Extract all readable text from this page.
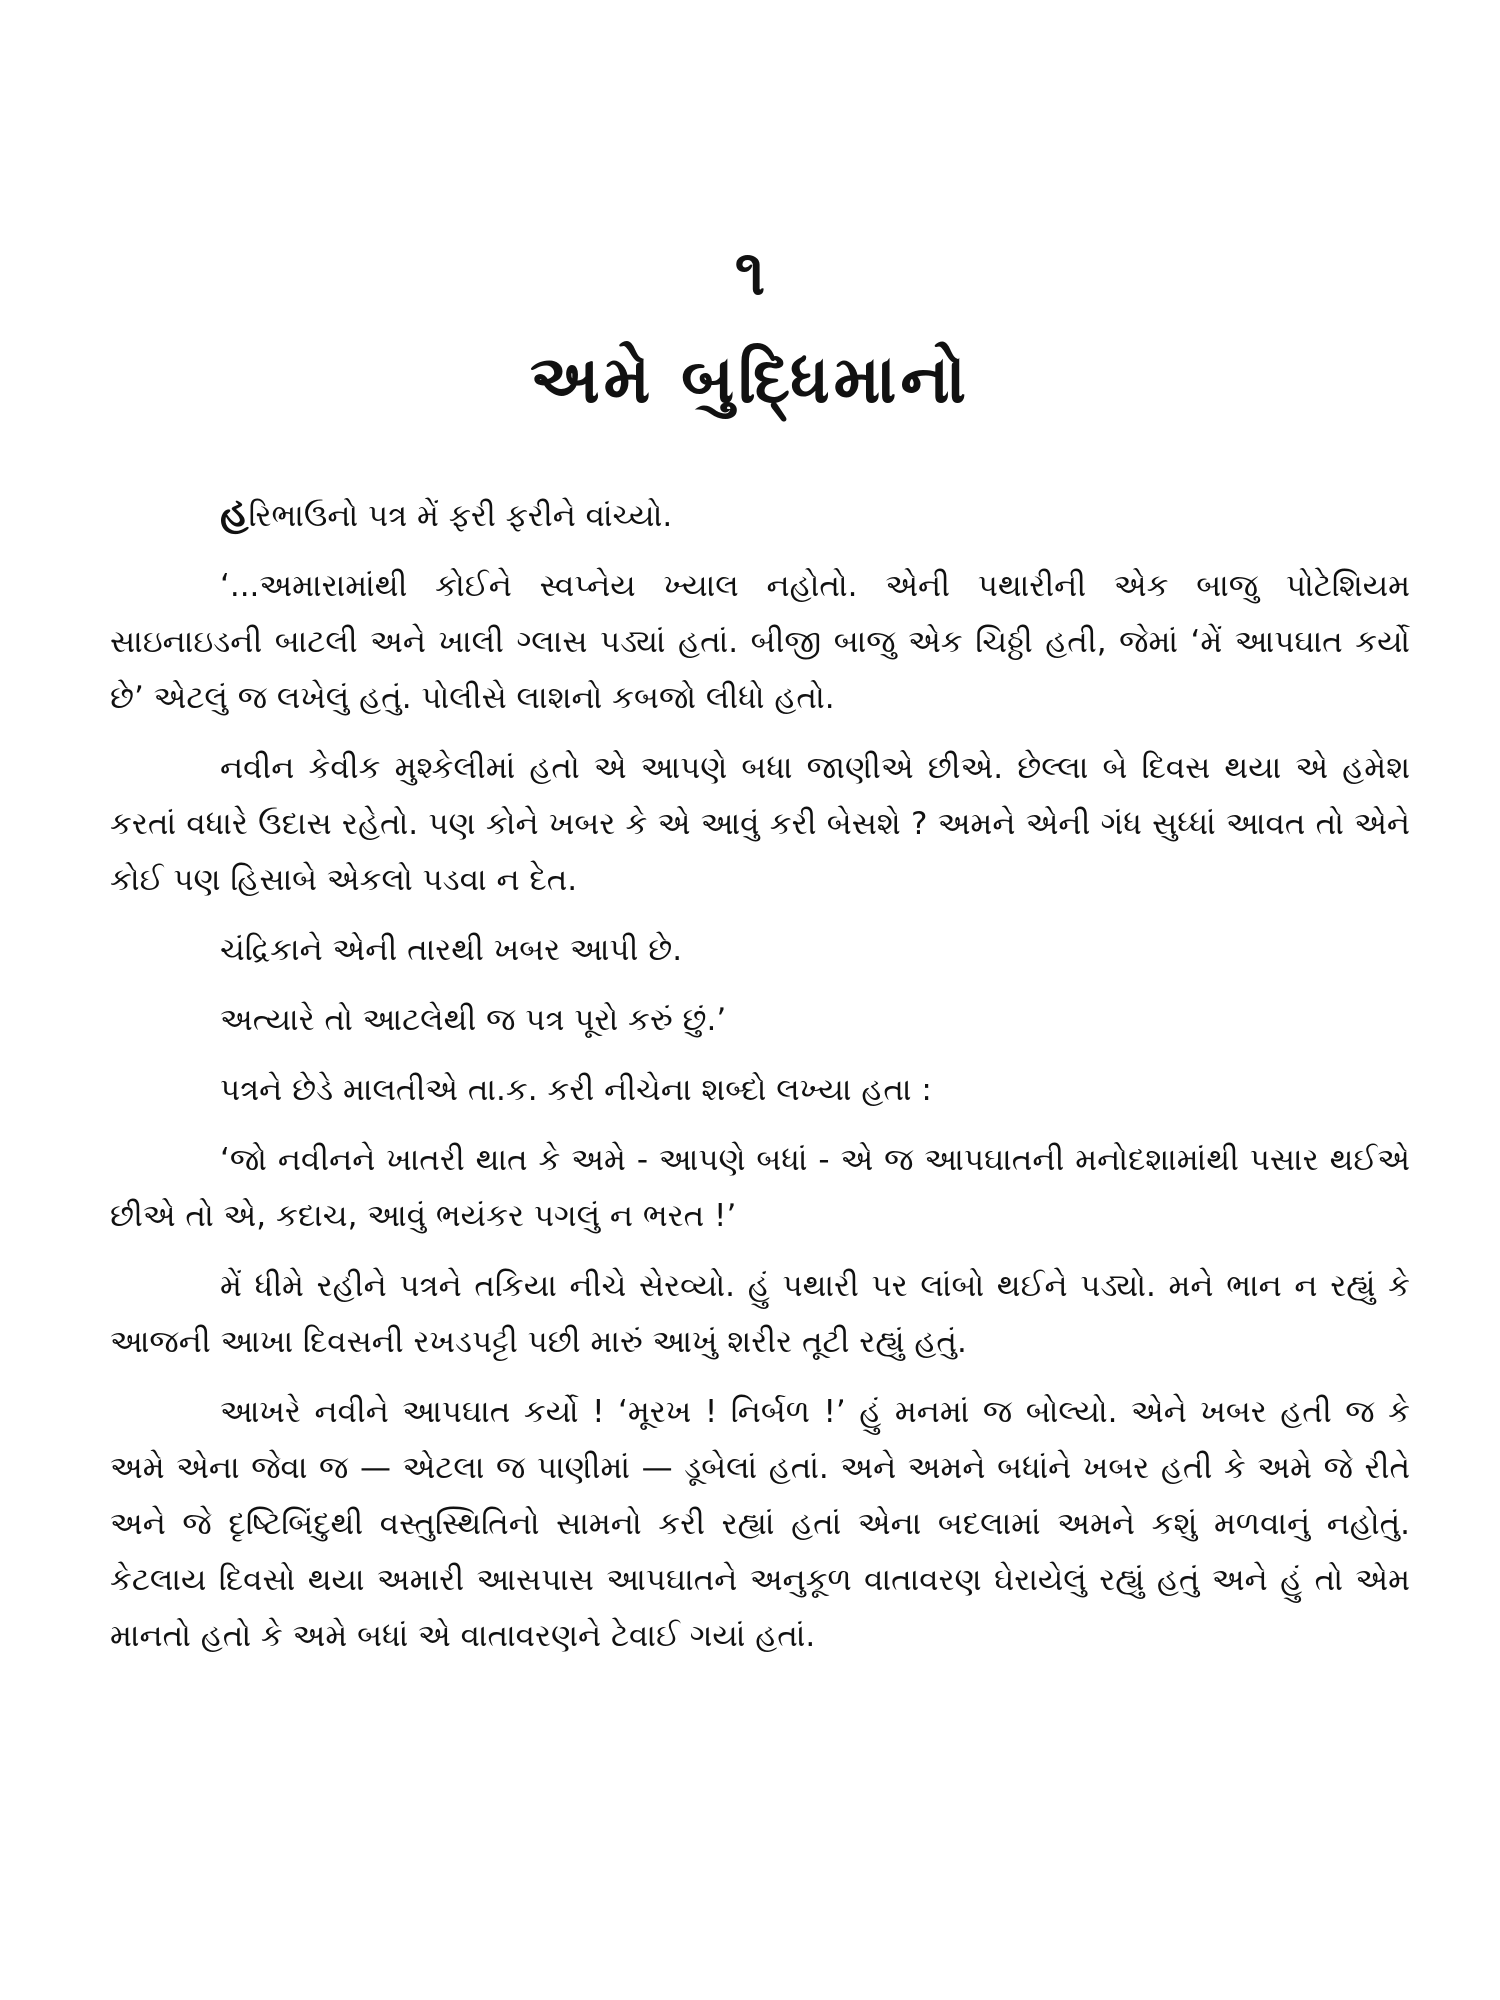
૧
અમે બુદ્ધિમાનો

હરિભાઉનો પત્ર મેં ફરી ફરીને વાંચ્યો.

‘...અમારામાંથી કોઈને સ્વપ્નેય ખ્યાલ નહોતો. એની પથારીની એક બાજુ પોટેશિયમ સાઇનાઇડની બાટલી અને ખાલી ગ્લાસ પડ્યાં હતાં. બીજી બાજુ એક ચિઠ્ઠી હતી, જેમાં ‘મેં આપઘાત કર્યો છે’ એટલું જ લખેલું હતું. પોલીસે લાશનો કબજો લીધો હતો.

નવીન કેવીક મુશ્કેલીમાં હતો એ આપણે બધા જાણીએ છીએ. છેલ્લા બે દિવસ થયા એ હમેશ કરતાં વધારે ઉદાસ રહેતો. પણ કોને ખબર કે એ આવું કરી બેસશે ? અમને એની ગંધ સુધ્ધાં આવત તો એને કોઈ પણ હિસાબે એકલો પડવા ન દેત.

ચંદ્રિકાને એની તારથી ખબર આપી છે.

અત્યારે તો આટલેથી જ પત્ર પૂરો કરું છું.’

પત્રને છેડે માલતીએ તા.ક. કરી નીચેના શબ્દો લખ્યા હતા :

‘જો નવીનને ખાતરી થાત કે અમે - આપણે બધાં - એ જ આપઘાતની મનોદશામાંથી પસાર થઈએ છીએ તો એ, કદાચ, આવું ભયંકર પગલું ન ભરત !’

મેં ધીમે રહીને પત્રને તકિયા નીચે સેરવ્યો. હું પથારી પર લાંબો થઈને પડ્યો. મને ભાન ન રહ્યું કે આજની આખા દિવસની રખડપટ્ટી પછી મારું આખું શરીર તૂટી રહ્યું હતું.

આખરે નવીને આપઘાત કર્યો ! ‘મૂરખ ! નિર્બળ !’ હું મનમાં જ બોલ્યો. એને ખબર હતી જ કે અમે એના જેવા જ — એટલા જ પાણીમાં — ડૂબેલાં હતાં. અને અમને બધાંને ખબર હતી કે અમે જે રીતે અને જે દૃષ્ટિબિંદુથી વસ્તુસ્થિતિનો સામનો કરી રહ્યાં હતાં એના બદલામાં અમને કશું મળવાનું નહોતું. કેટલાય દિવસો થયા અમારી આસપાસ આપઘાતને અનુકૂળ વાતાવરણ ઘેરાયેલું રહ્યું હતું અને હું તો એમ માનતો હતો કે અમે બધાં એ વાતાવરણને ટેવાઈ ગયાં હતાં.
